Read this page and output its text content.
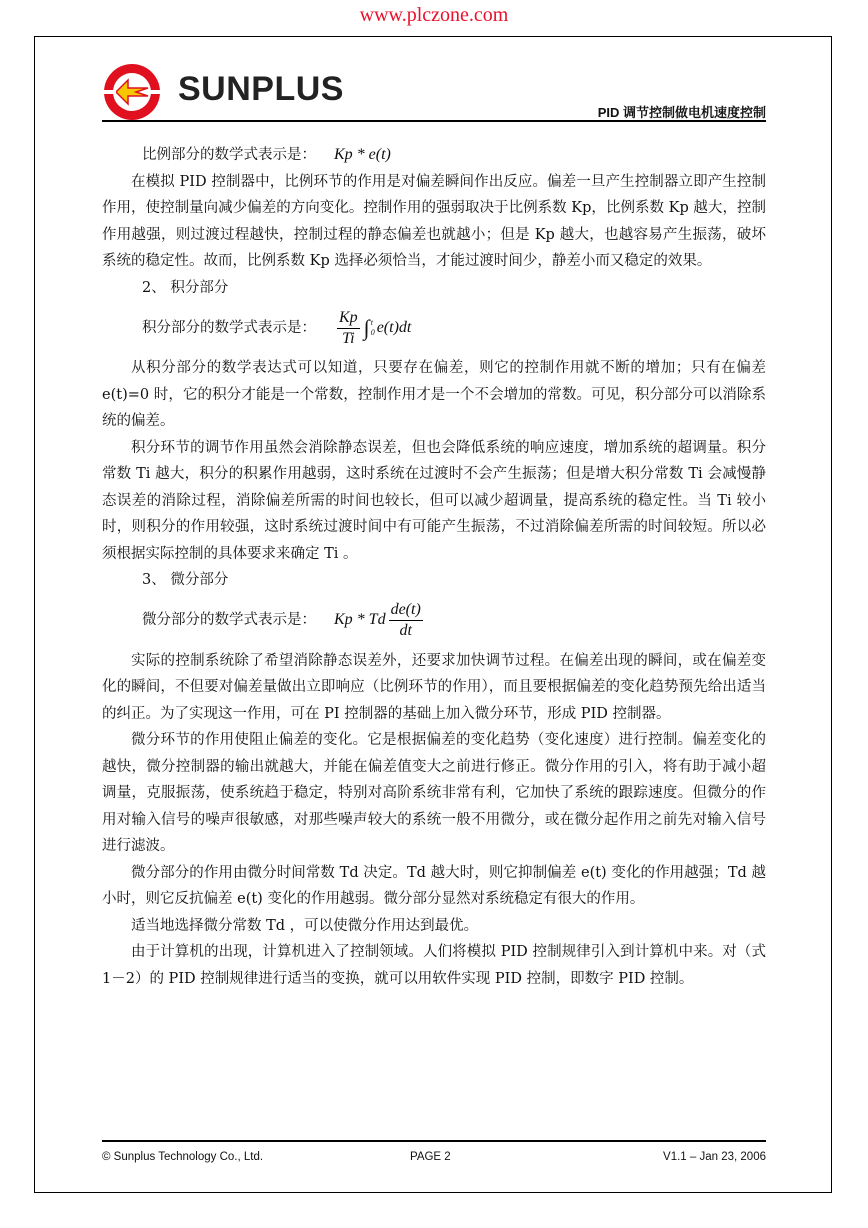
www.plczone.com
SUNPLUS
PID 调节控制做电机速度控制

比例部分的数学式表示是： Kp * e(t)

在模拟 PID 控制器中，比例环节的作用是对偏差瞬间作出反应。偏差一旦产生控制器立即产生控制作用，使控制量向减少偏差的方向变化。控制作用的强弱取决于比例系数 Kp，比例系数 Kp 越大，控制作用越强，则过渡过程越快，控制过程的静态偏差也就越小；但是 Kp 越大，也越容易产生振荡，破坏系统的稳定性。故而，比例系数 Kp 选择必须恰当，才能过渡时间少，静差小而又稳定的效果。

2、 积分部分

积分部分的数学式表示是： $\frac{Kp}{Ti}$ ∫ t
0 e(t)dt

从积分部分的数学表达式可以知道，只要存在偏差，则它的控制作用就不断的增加；只有在偏差 e(t)=0 时，它的积分才能是一个常数，控制作用才是一个不会增加的常数。可见，积分部分可以消除系统的偏差。

积分环节的调节作用虽然会消除静态误差，但也会降低系统的响应速度，增加系统的超调量。积分常数 Ti 越大，积分的积累作用越弱，这时系统在过渡时不会产生振荡；但是增大积分常数 Ti 会减慢静态误差的消除过程，消除偏差所需的时间也较长，但可以减少超调量，提高系统的稳定性。当 Ti 较小时，则积分的作用较强，这时系统过渡时间中有可能产生振荡，不过消除偏差所需的时间较短。所以必须根据实际控制的具体要求来确定 Ti 。

3、 微分部分

微分部分的数学式表示是： Kp * Td $\frac{de(t)}{dt}$

实际的控制系统除了希望消除静态误差外，还要求加快调节过程。在偏差出现的瞬间，或在偏差变化的瞬间，不但要对偏差量做出立即响应（比例环节的作用），而且要根据偏差的变化趋势预先给出适当的纠正。为了实现这一作用，可在 PI 控制器的基础上加入微分环节，形成 PID 控制器。

微分环节的作用使阻止偏差的变化。它是根据偏差的变化趋势（变化速度）进行控制。偏差变化的越快，微分控制器的输出就越大，并能在偏差值变大之前进行修正。微分作用的引入，将有助于减小超调量，克服振荡，使系统趋于稳定，特别对高阶系统非常有利，它加快了系统的跟踪速度。但微分的作用对输入信号的噪声很敏感，对那些噪声较大的系统一般不用微分，或在微分起作用之前先对输入信号进行滤波。

微分部分的作用由微分时间常数 Td 决定。Td 越大时，则它抑制偏差 e(t) 变化的作用越强；Td 越小时，则它反抗偏差 e(t) 变化的作用越弱。微分部分显然对系统稳定有很大的作用。

适当地选择微分常数 Td ，可以使微分作用达到最优。

由于计算机的出现，计算机进入了控制领域。人们将模拟 PID 控制规律引入到计算机中来。对（式 1－2）的 PID 控制规律进行适当的变换，就可以用软件实现 PID 控制，即数字 PID 控制。

© Sunplus Technology Co., Ltd.	PAGE 2	V1.1 – Jan 23, 2006
